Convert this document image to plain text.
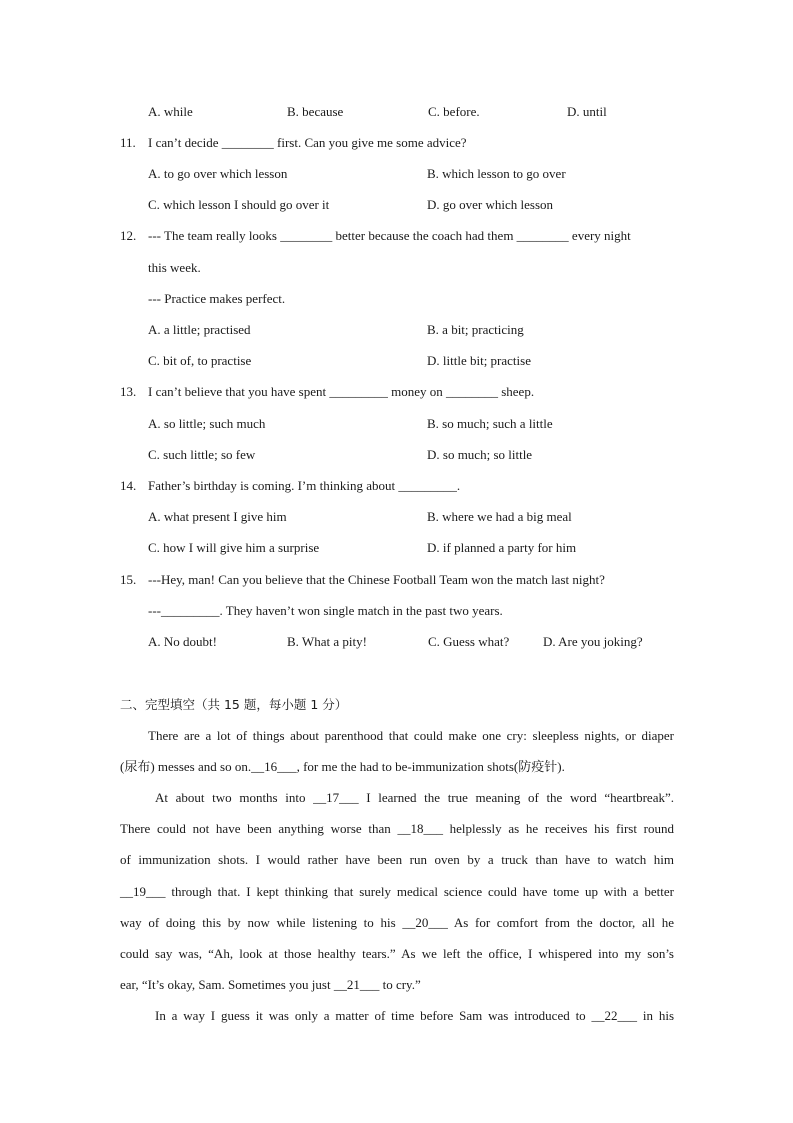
A. while	B. because	C. before.	D. until
11. I can’t decide ________ first. Can you give me some advice?
A. to go over which lesson	B. which lesson to go over
C. which lesson I should go over it	D. go over which lesson
12. --- The team really looks ________ better because the coach had them ________ every night
this week.
--- Practice makes perfect.
A. a little; practised	B. a bit; practicing
C. bit of, to practise	D. little bit; practise
13. I can’t believe that you have spent _________ money on ________ sheep.
A. so little; such much	B. so much; such a little
C. such little; so few	D. so much; so little
14. Father’s birthday is coming. I’m thinking about _________.
A. what present I give him	B. where we had a big meal
C. how I will give him a surprise	D. if planned a party for him
15. ---Hey, man! Can you believe that the Chinese Football Team won the match last night?
---_________. They haven’t won single match in the past two years.
A. No doubt!	B. What a pity!	C. Guess what?	D. Are you joking?
二、完型填空（共 15 题，每小题 1 分）
There are a lot of things about parenthood that could make one cry: sleepless nights, or diaper
(尿布) messes and so on.__16___, for me the had to be-immunization shots(防疫针).
At about two months into __17___ I learned the true meaning of the word “heartbreak”.
There could not have been anything worse than __18___ helplessly as he receives his first round
of immunization shots. I would rather have been run oven by a truck than have to watch him
__19___ through that. I kept thinking that surely medical science could have tome up with a better
way of doing this by now while listening to his __20___ As for comfort from the doctor, all he
could say was, “Ah, look at those healthy tears.” As we left the office, I whispered into my son’s
ear, “It’s okay, Sam. Sometimes you just __21___ to cry.”
In a way I guess it was only a matter of time before Sam was introduced to __22___ in his
